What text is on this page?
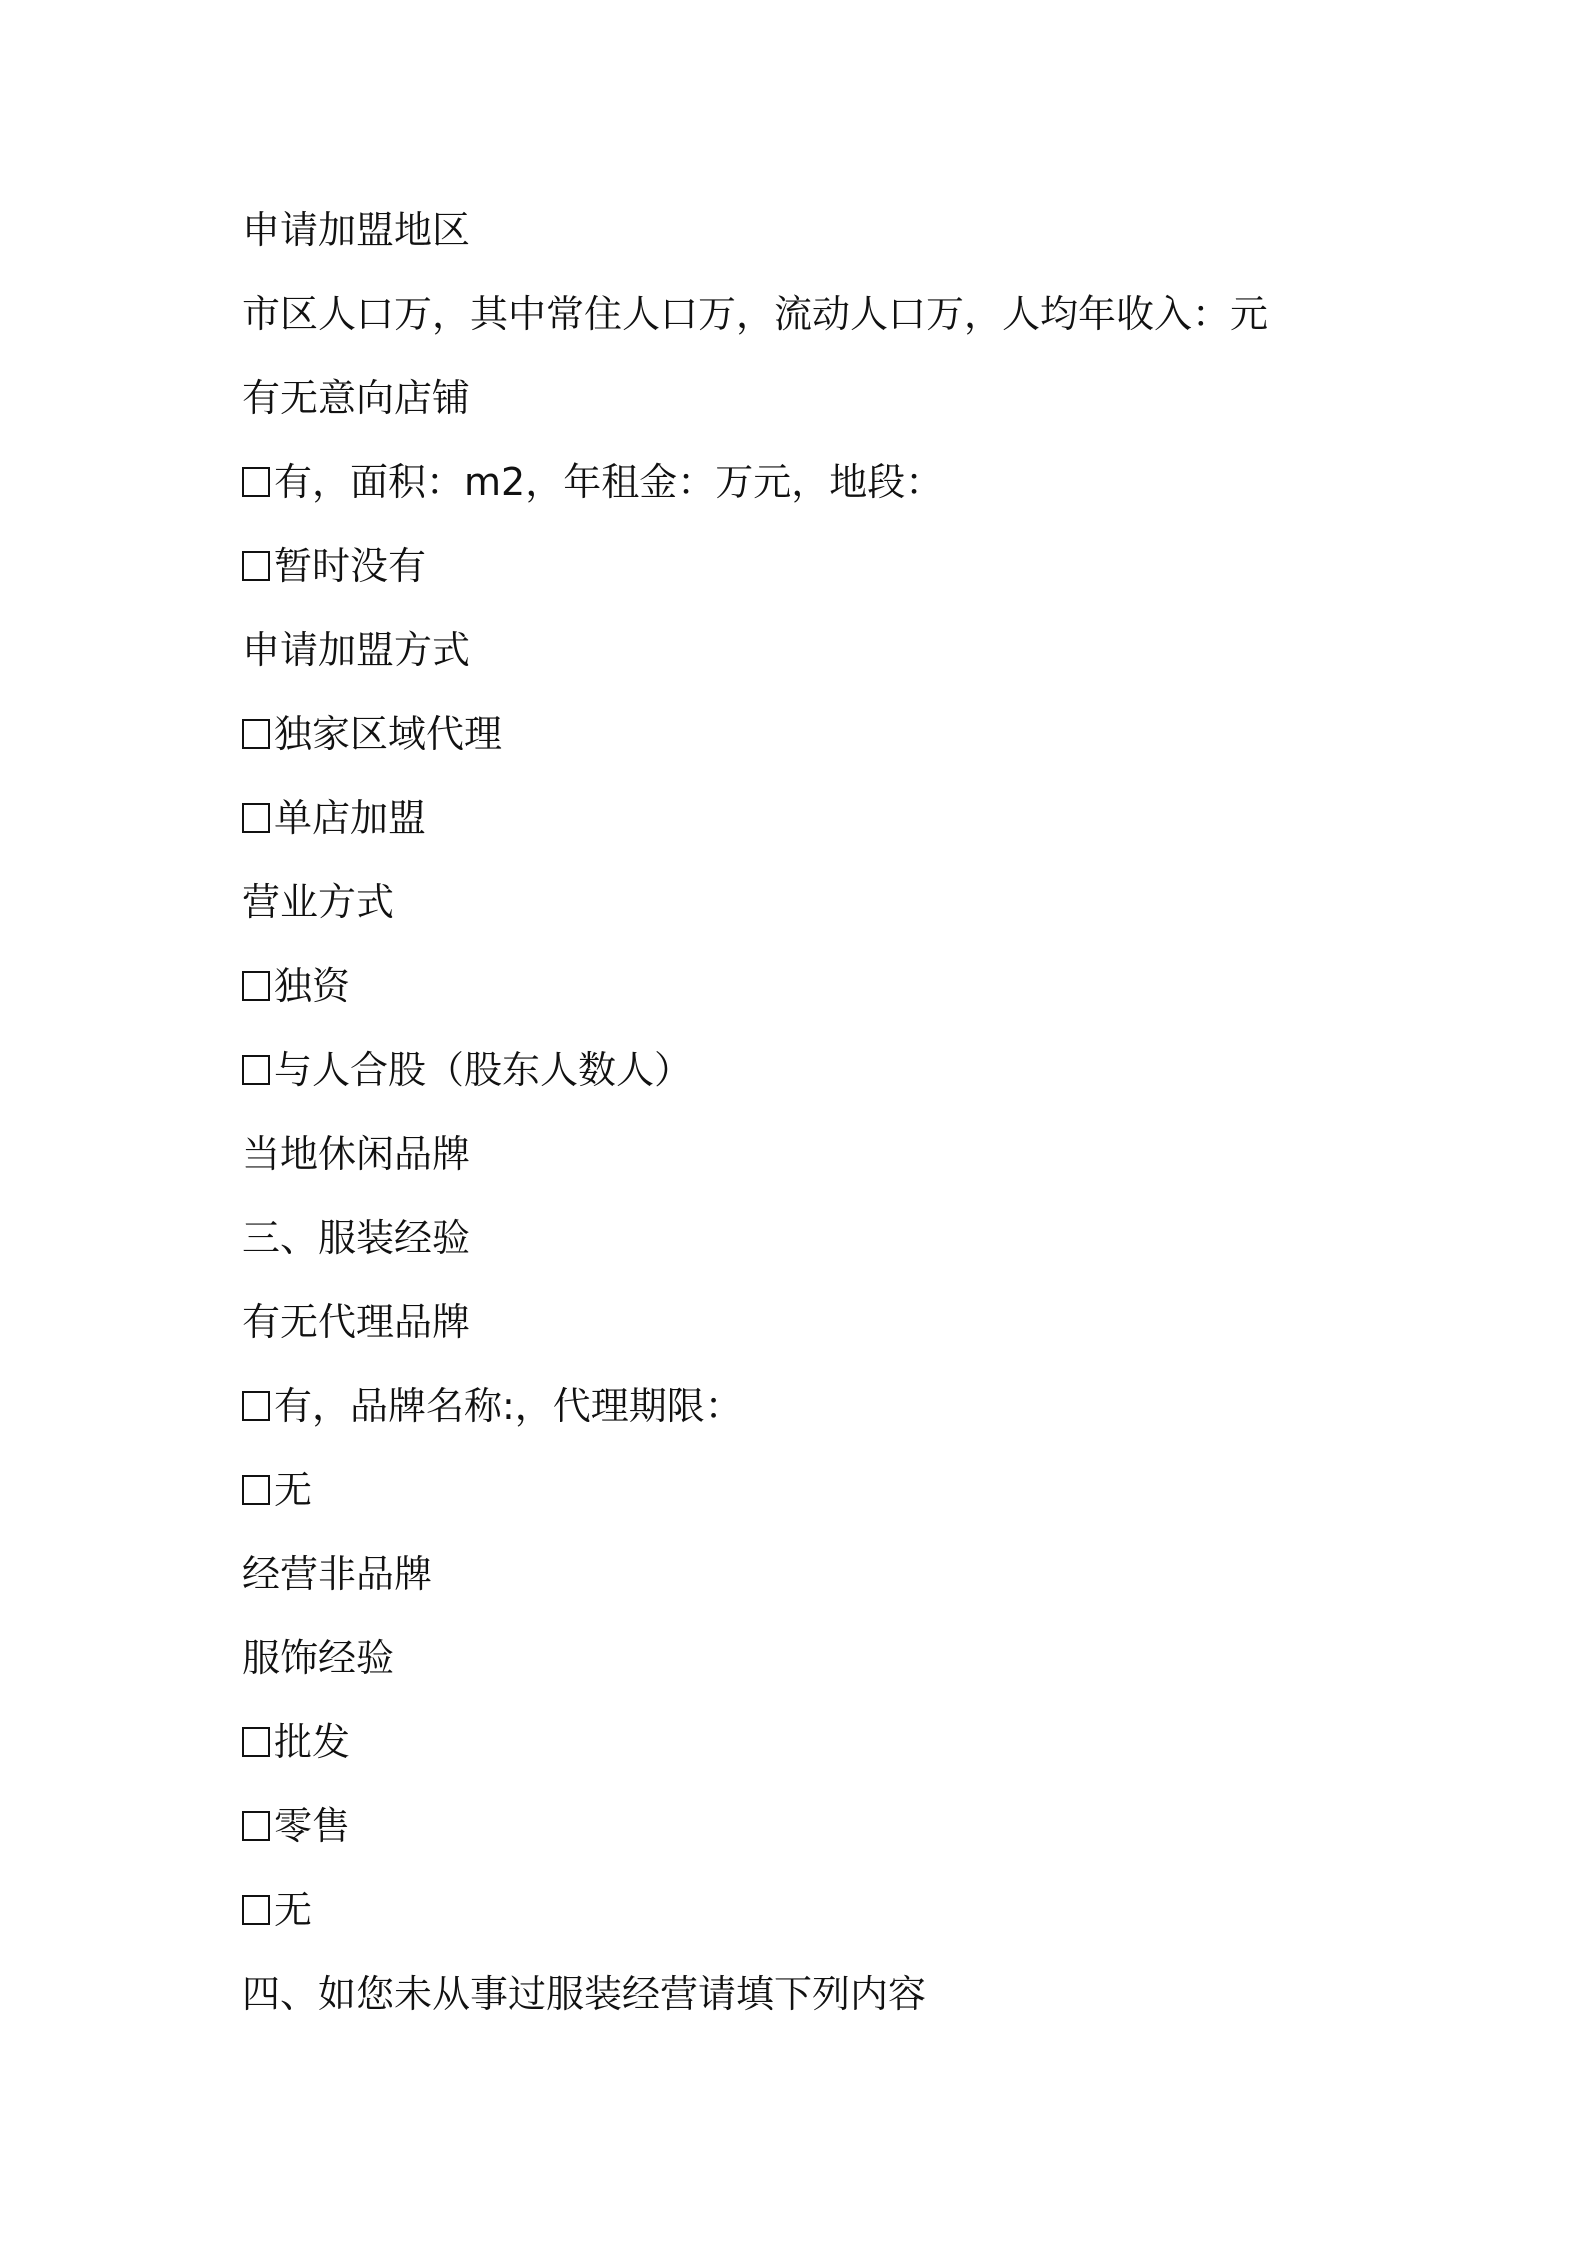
申请加盟地区
市区人口万，其中常住人口万，流动人口万，人均年收入：元
有无意向店铺
有，面积：m2，年租金：万元，地段：
暂时没有
申请加盟方式
独家区域代理
单店加盟
营业方式
独资
与人合股（股东人数人）
当地休闲品牌
三、服装经验
有无代理品牌
有，品牌名称:，代理期限：
无
经营非品牌
服饰经验
批发
零售
无
四、如您未从事过服装经营请填下列内容
